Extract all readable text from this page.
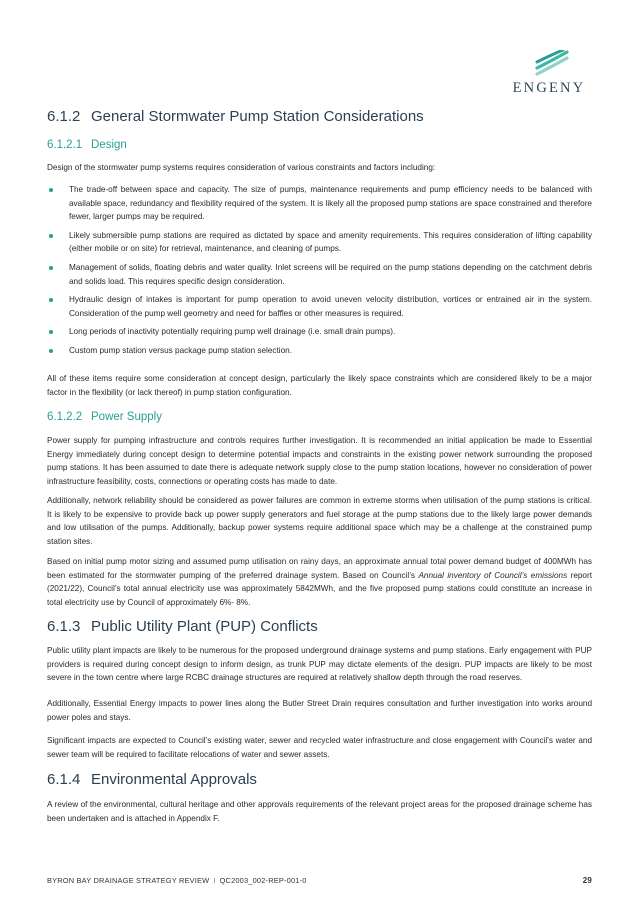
ENGENY
6.1.2 General Stormwater Pump Station Considerations
6.1.2.1 Design

Design of the stormwater pump systems requires consideration of various constraints and factors including:

The trade-off between space and capacity. The size of pumps, maintenance requirements and pump efficiency needs to be balanced with available space, redundancy and flexibility required of the system. It is likely all the proposed pump stations are space constrained and therefore fewer, larger pumps may be required.
Likely submersible pump stations are required as dictated by space and amenity requirements. This requires consideration of lifting capability (either mobile or on site) for retrieval, maintenance, and cleaning of pumps.
Management of solids, floating debris and water quality. Inlet screens will be required on the pump stations depending on the catchment debris and solids load. This requires specific design consideration.
Hydraulic design of intakes is important for pump operation to avoid uneven velocity distribution, vortices or entrained air in the system. Consideration of the pump well geometry and need for baffles or other measures is required.
Long periods of inactivity potentially requiring pump well drainage (i.e. small drain pumps).
Custom pump station versus package pump station selection.

All of these items require some consideration at concept design, particularly the likely space constraints which are considered likely to be a major factor in the flexibility (or lack thereof) in pump station configuration.

6.1.2.2 Power Supply

Power supply for pumping infrastructure and controls requires further investigation. It is recommended an initial application be made to Essential Energy immediately during concept design to determine potential impacts and constraints in the existing power network surrounding the proposed pump stations. It has been assumed to date there is adequate network supply close to the pump station locations, however no consideration of power infrastructure feasibility, costs, connections or operating costs has made to date.

Additionally, network reliability should be considered as power failures are common in extreme storms when utilisation of the pump stations is critical. It is likely to be expensive to provide back up power supply generators and fuel storage at the pump stations due to the likely large power demands and low utilisation of the pumps. Additionally, backup power systems require additional space which may be a challenge at the constrained pump station sites.

Based on initial pump motor sizing and assumed pump utilisation on rainy days, an approximate annual total power demand budget of 400MWh has been estimated for the stormwater pumping of the preferred drainage system. Based on Council’s Annual inventory of Council’s emissions report (2021/22), Council’s total annual electricity use was approximately 5842MWh, and the five proposed pump stations could constitute an increase in total electricity use by Council of approximately 6%- 8%.

6.1.3 Public Utility Plant (PUP) Conflicts

Public utility plant impacts are likely to be numerous for the proposed underground drainage systems and pump stations. Early engagement with PUP providers is required during concept design to inform design, as trunk PUP may dictate elements of the design. PUP impacts are likely to be most severe in the town centre where large RCBC drainage structures are required at relatively shallow depth through the road reserves.

Additionally, Essential Energy impacts to power lines along the Butler Street Drain requires consultation and further investigation into works around power poles and stays.

Significant impacts are expected to Council’s existing water, sewer and recycled water infrastructure and close engagement with Council’s water and sewer team will be required to facilitate relocations of water and sewer assets.

6.1.4 Environmental Approvals

A review of the environmental, cultural heritage and other approvals requirements of the relevant project areas for the proposed drainage scheme has been undertaken and is attached in Appendix F.

BYRON BAY DRAINAGE STRATEGY REVIEW I QC2003_002-REP-001-0	29
